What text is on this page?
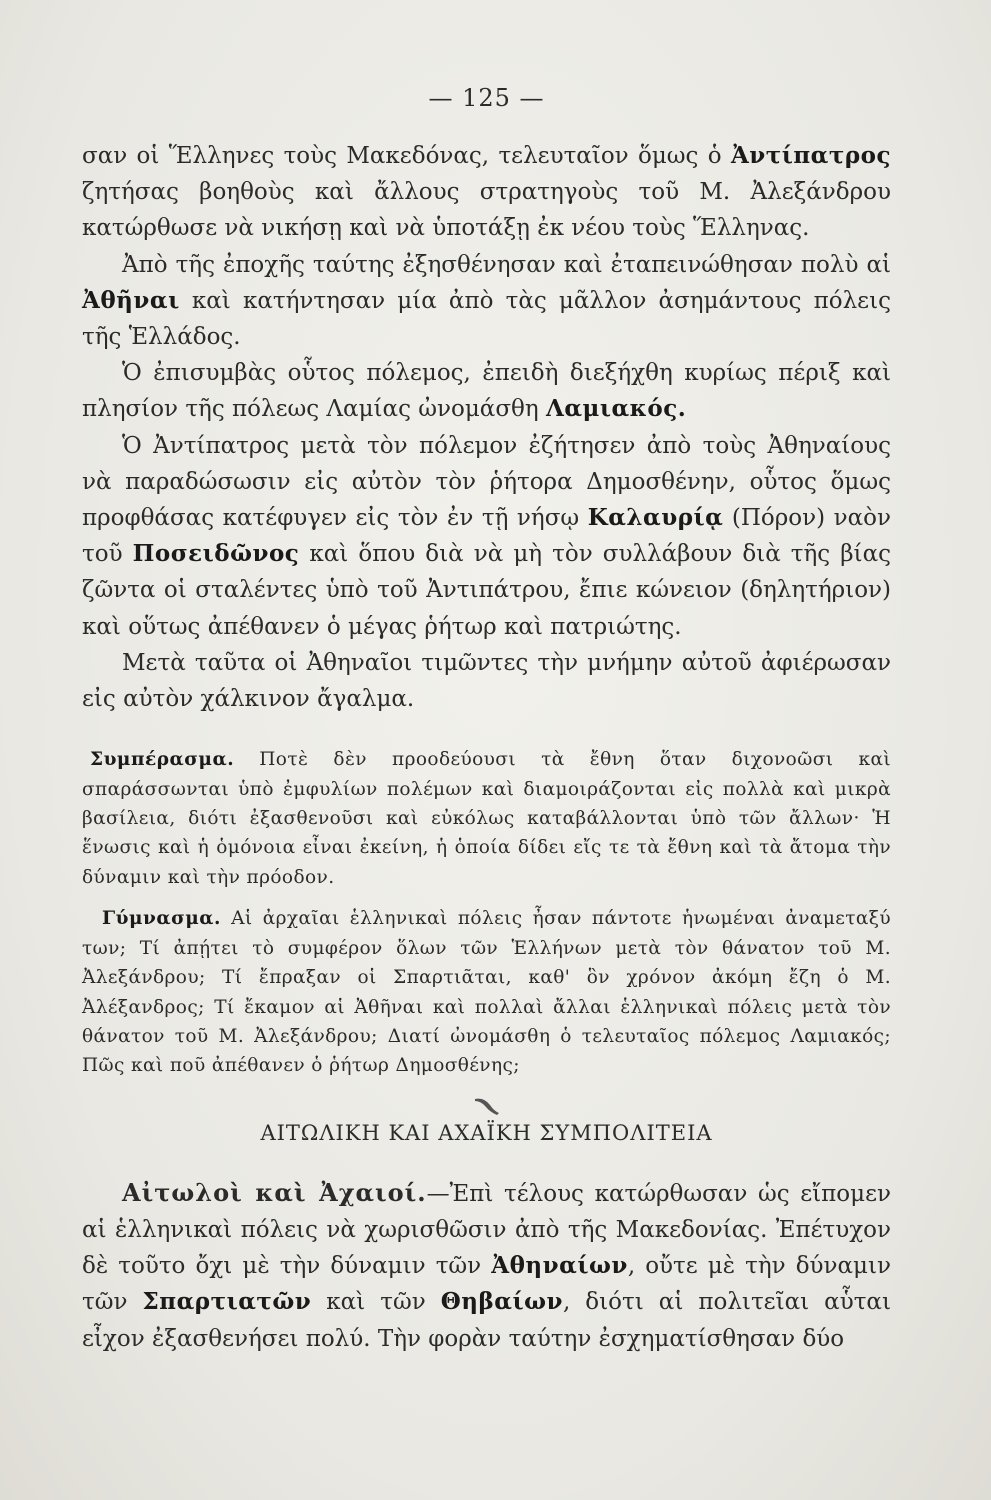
— 125 —

σαν οἱ Ἕλληνες τοὺς Μακεδόνας, τελευταῖον ὅμως ὁ Ἀντίπατρος ζητήσας βοηθοὺς καὶ ἄλλους στρατηγοὺς τοῦ Μ. Ἀλεξάνδρου κατώρθωσε νὰ νικήσῃ καὶ νὰ ὑποτάξῃ ἐκ νέου τοὺς Ἕλληνας.

Ἀπὸ τῆς ἐποχῆς ταύτης ἐξησθένησαν καὶ ἐταπεινώθησαν πολὺ αἱ Ἀθῆναι καὶ κατήντησαν μία ἀπὸ τὰς μᾶλλον ἀσημάντους πόλεις τῆς Ἑλλάδος.

Ὁ ἐπισυμβὰς οὗτος πόλεμος, ἐπειδὴ διεξήχθη κυρίως πέριξ καὶ πλησίον τῆς πόλεως Λαμίας ὠνομάσθη Λαμιακός.

Ὁ Ἀντίπατρος μετὰ τὸν πόλεμον ἐζήτησεν ἀπὸ τοὺς Ἀθηναίους νὰ παραδώσωσιν εἰς αὐτὸν τὸν ῥήτορα Δημοσθένην, οὗτος ὅμως προφθάσας κατέφυγεν εἰς τὸν ἐν τῇ νήσῳ Καλαυρίᾳ (Πόρον) ναὸν τοῦ Ποσειδῶνος καὶ ὅπου διὰ νὰ μὴ τὸν συλλάβουν διὰ τῆς βίας ζῶντα οἱ σταλέντες ὑπὸ τοῦ Ἀντιπάτρου, ἔπιε κώνειον (δηλητήριον) καὶ οὕτως ἀπέθανεν ὁ μέγας ῥήτωρ καὶ πατριώτης.

Μετὰ ταῦτα οἱ Ἀθηναῖοι τιμῶντες τὴν μνήμην αὐτοῦ ἀφιέρωσαν εἰς αὐτὸν χάλκινον ἄγαλμα.

Συμπέρασμα. Ποτὲ δὲν προοδεύουσι τὰ ἔθνη ὅταν διχονοῶσι καὶ σπαράσσωνται ὑπὸ ἐμφυλίων πολέμων καὶ διαμοιράζονται εἰς πολλὰ καὶ μικρὰ βασίλεια, διότι ἐξασθενοῦσι καὶ εὐκόλως καταβάλλονται ὑπὸ τῶν ἄλλων· Ἡ ἕνωσις καὶ ἡ ὁμόνοια εἶναι ἐκείνη, ἡ ὁποία δίδει εἴς τε τὰ ἔθνη καὶ τὰ ἄτομα τὴν δύναμιν καὶ τὴν πρόοδον.

Γύμνασμα. Αἱ ἀρχαῖαι ἑλληνικαὶ πόλεις ἦσαν πάντοτε ἡνωμέναι ἀναμεταξύ των; Τί ἀπῄτει τὸ συμφέρον ὅλων τῶν Ἑλλήνων μετὰ τὸν θάνατον τοῦ Μ. Ἀλεξάνδρου; Τί ἔπραξαν οἱ Σπαρτιᾶται, καθ' ὃν χρόνον ἀκόμη ἔζη ὁ Μ. Ἀλέξανδρος; Τί ἔκαμον αἱ Ἀθῆναι καὶ πολλαὶ ἄλλαι ἑλληνικαὶ πόλεις μετὰ τὸν θάνατον τοῦ Μ. Ἀλεξάνδρου; Διατί ὠνομάσθη ὁ τελευταῖος πόλεμος Λαμιακός; Πῶς καὶ ποῦ ἀπέθανεν ὁ ῥήτωρ Δημοσθένης;

ΑΙΤΩΛΙΚΗ ΚΑΙ ΑΧΑΪΚΗ ΣΥΜΠΟΛΙΤΕΙΑ

Αἰτωλοὶ καὶ Ἀχαιοί.—Ἐπὶ τέλους κατώρθωσαν ὡς εἴπομεν αἱ ἑλληνικαὶ πόλεις νὰ χωρισθῶσιν ἀπὸ τῆς Μακεδονίας. Ἐπέτυχον δὲ τοῦτο ὄχι μὲ τὴν δύναμιν τῶν Ἀθηναίων, οὔτε μὲ τὴν δύναμιν τῶν Σπαρτιατῶν καὶ τῶν Θηβαίων, διότι αἱ πολιτεῖαι αὗται εἶχον ἐξασθενήσει πολύ. Τὴν φορὰν ταύτην ἐσχηματίσθησαν δύο
